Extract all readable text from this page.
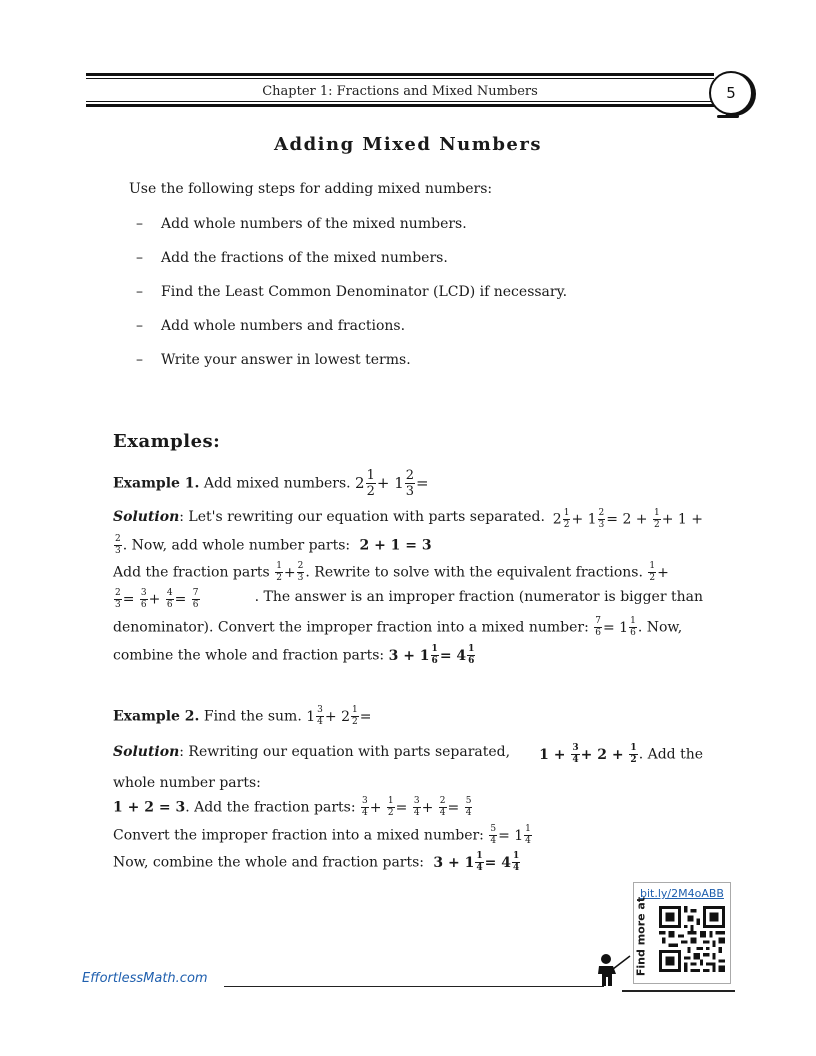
Chapter 1: Fractions and Mixed Numbers	5
Adding Mixed Numbers
Use the following steps for adding mixed numbers:
–	Add whole numbers of the mixed numbers.
–	Add the fractions of the mixed numbers.
–	Find the Least Common Denominator (LCD) if necessary.
–	Add whole numbers and fractions.
–	Write your answer in lowest terms.
Examples:
Example 1. Add mixed numbers. $2 \frac{1}{2} + 1 \frac{2}{3}$ =
Solution: Let's rewriting our equation with parts separated. $2 \frac{1}{2} + 1 \frac{2}{3} = 2 + \frac{1}{2} + 1$ +
$\frac{2}{3}$ . Now, add whole number parts:  2 + 1 = 3
Add the fraction parts $\frac{1}{2} + \frac{2}{3}$ . Rewrite to solve with the equivalent fractions. $\frac{1}{2}$ +
$\frac{2}{3} = \frac{3}{6} + \frac{4}{6} = \frac{7}{6}$	. The answer is an improper fraction (numerator is bigger than
denominator). Convert the improper fraction into a mixed number: $\frac{7}{6} = 1 \frac{1}{6}$ . Now,
combine the whole and fraction parts: $3 + 1 \frac{1}{6} = 4 \frac{1}{6}$
Example 2. Find the sum. $1 \frac{3}{4} + 2 \frac{1}{2}$ =
Solution: Rewriting our equation with parts separated, $1 + \frac{3}{4} + 2 + \frac{1}{2}$ . Add the
whole number parts:
1 + 2 = 3. Add the fraction parts: $\frac{3}{4} + \frac{1}{2} = \frac{3}{4} + \frac{2}{4} = \frac{5}{4}$
Convert the improper fraction into a mixed number: $\frac{5}{4} = 1 \frac{1}{4}$
Now, combine the whole and fraction parts:  $3 + 1 \frac{1}{4} = 4 \frac{1}{4}$
EffortlessMath.com
bit.ly/2M4oABB
Find more at
